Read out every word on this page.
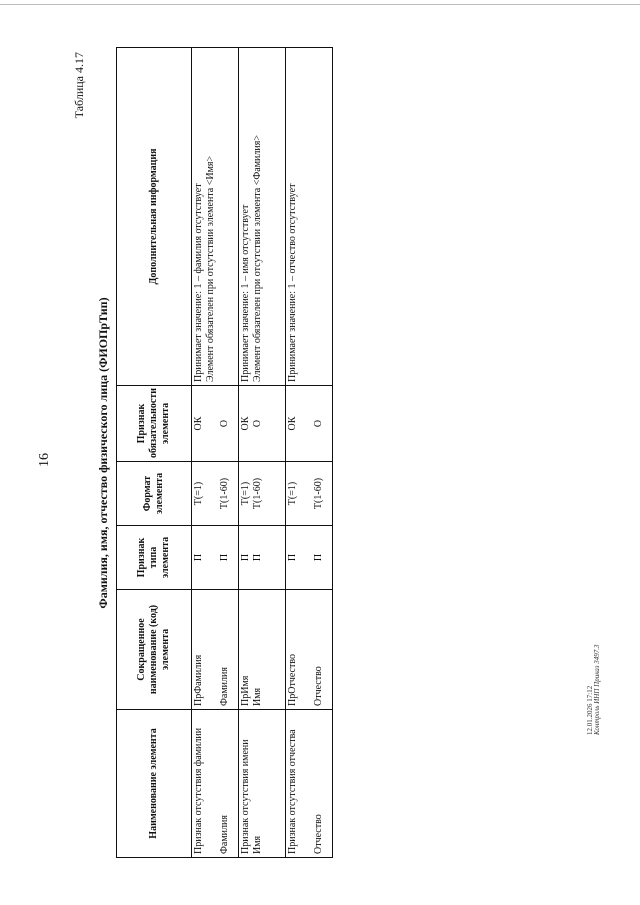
16
12.01.2026 17:12 Контроль ИНП Приказ 3497.3
Таблица 4.17
Фамилия, имя, отчество физического лица (ФИОПрТип)
Наименование элемента	Сокращенное наименование (код) элемента	Признак типа элемента	Формат элемента	Признак обязательности элемента	Дополнительная информация

Признак отсутствия фамилии Фамилия	ПрФамилия Фамилия	П П	T(=1) T(1-60)	ОК О	Принимает значение: 1 – фамилия отсутствует Элемент обязателен при отсутствии элемента <Имя>

Признак отсутствия имени Имя	ПрИмя Имя	П П	T(=1) T(1-60)	ОК О	Принимает значение: 1 – имя отсутствует Элемент обязателен при отсутствии элемента <Фамилия>

Признак отсутствия отчества Отчество	ПрОтчество Отчество	П П	T(=1) T(1-60)	ОК О	Принимает значение: 1 – отчество отсутствует
